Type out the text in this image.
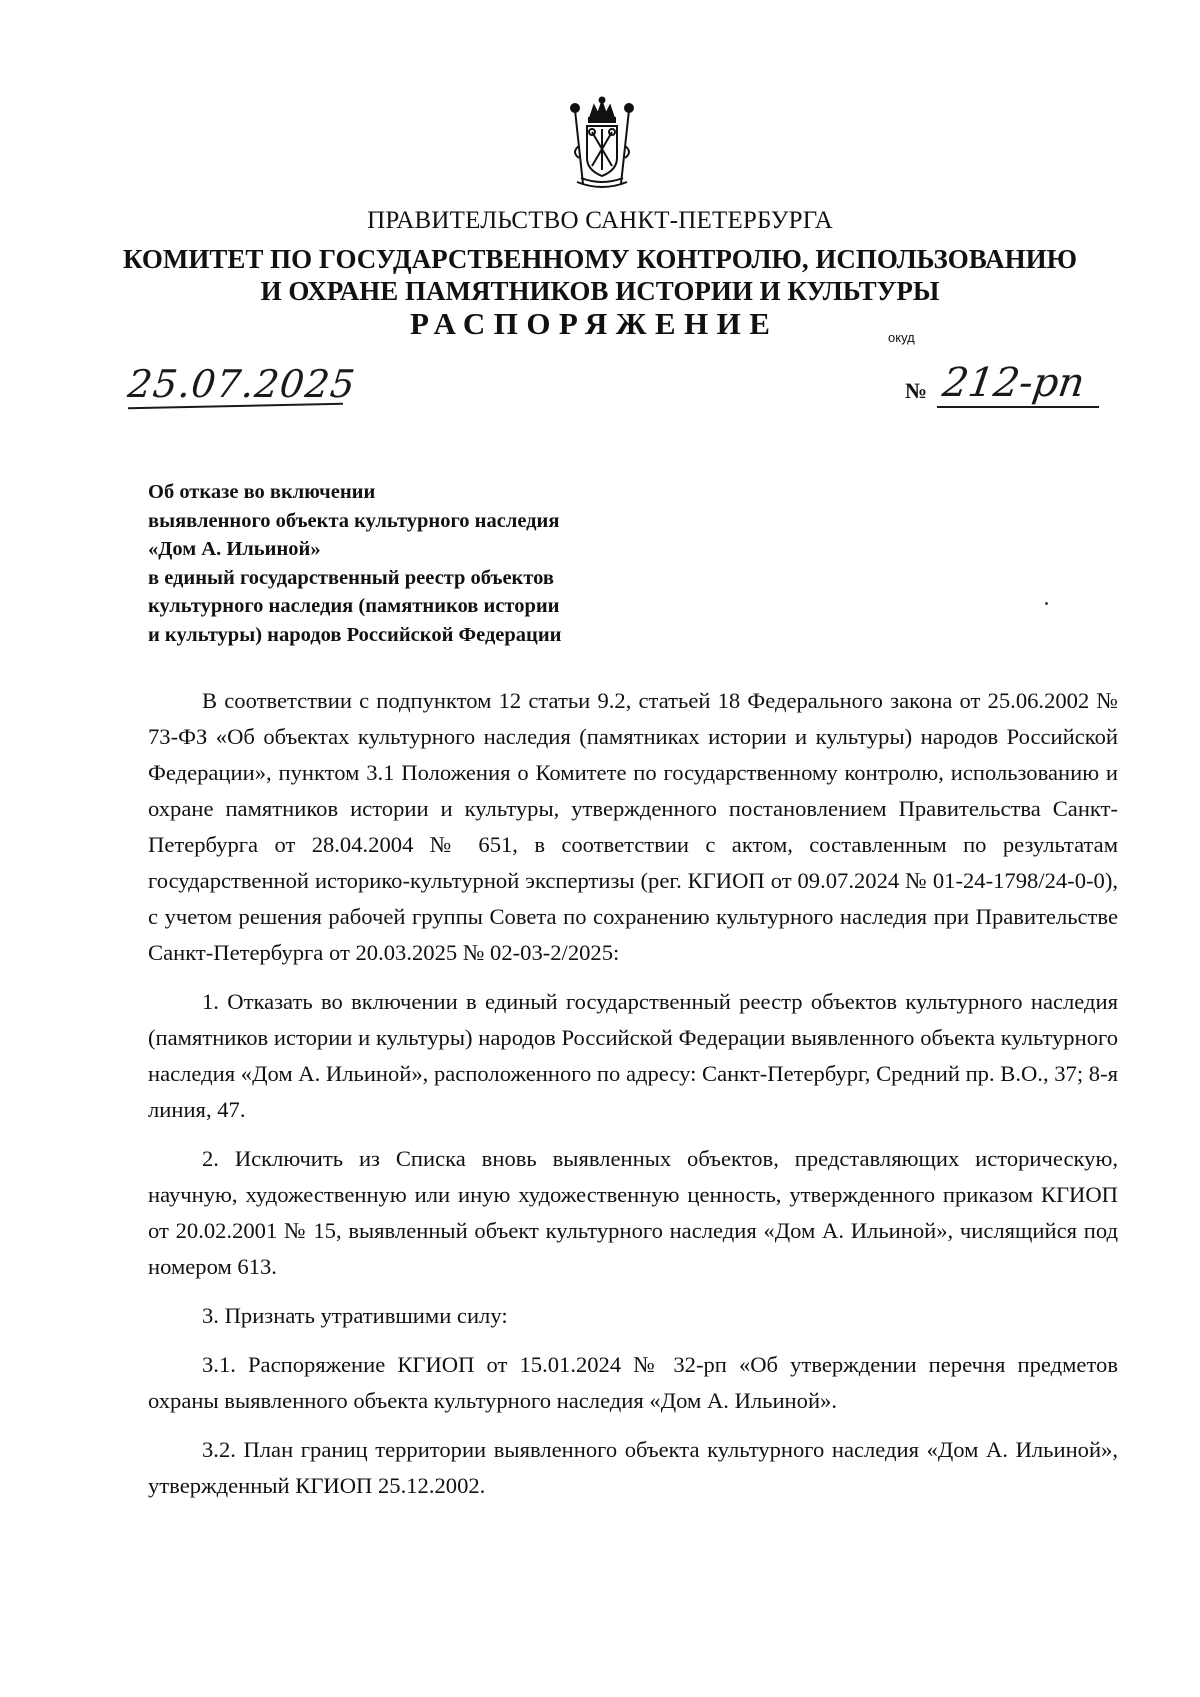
ПРАВИТЕЛЬСТВО САНКТ-ПЕТЕРБУРГА
КОМИТЕТ ПО ГОСУДАРСТВЕННОМУ КОНТРОЛЮ, ИСПОЛЬЗОВАНИЮ
И ОХРАНЕ ПАМЯТНИКОВ ИСТОРИИ И КУЛЬТУРЫ
РАСПОРЯЖЕНИЕ	окуд
25.07.2025	№ 212-рп
Об отказе во включении
выявленного объекта культурного наследия
«Дом А. Ильиной»
в единый государственный реестр объектов
культурного наследия (памятников истории
и культуры) народов Российской Федерации

В соответствии с подпунктом 12 статьи 9.2, статьей 18 Федерального закона от 25.06.2002 № 73-ФЗ «Об объектах культурного наследия (памятниках истории и культуры) народов Российской Федерации», пунктом 3.1 Положения о Комитете по государственному контролю, использованию и охране памятников истории и культуры, утвержденного постановлением Правительства Санкт-Петербурга от 28.04.2004 № 651, в соответствии с актом, составленным по результатам государственной историко-культурной экспертизы (рег. КГИОП от 09.07.2024 № 01-24-1798/24-0-0), с учетом решения рабочей группы Совета по сохранению культурного наследия при Правительстве Санкт-Петербурга от 20.03.2025 № 02-03-2/2025:

1. Отказать во включении в единый государственный реестр объектов культурного наследия (памятников истории и культуры) народов Российской Федерации выявленного объекта культурного наследия «Дом А. Ильиной», расположенного по адресу: Санкт-Петербург, Средний пр. В.О., 37; 8-я линия, 47.

2. Исключить из Списка вновь выявленных объектов, представляющих историческую, научную, художественную или иную художественную ценность, утвержденного приказом КГИОП от 20.02.2001 № 15, выявленный объект культурного наследия «Дом А. Ильиной», числящийся под номером 613.

3. Признать утратившими силу:

3.1. Распоряжение КГИОП от 15.01.2024 № 32-рп «Об утверждении перечня предметов охраны выявленного объекта культурного наследия «Дом А. Ильиной».

3.2. План границ территории выявленного объекта культурного наследия «Дом А. Ильиной», утвержденный КГИОП 25.12.2002.
